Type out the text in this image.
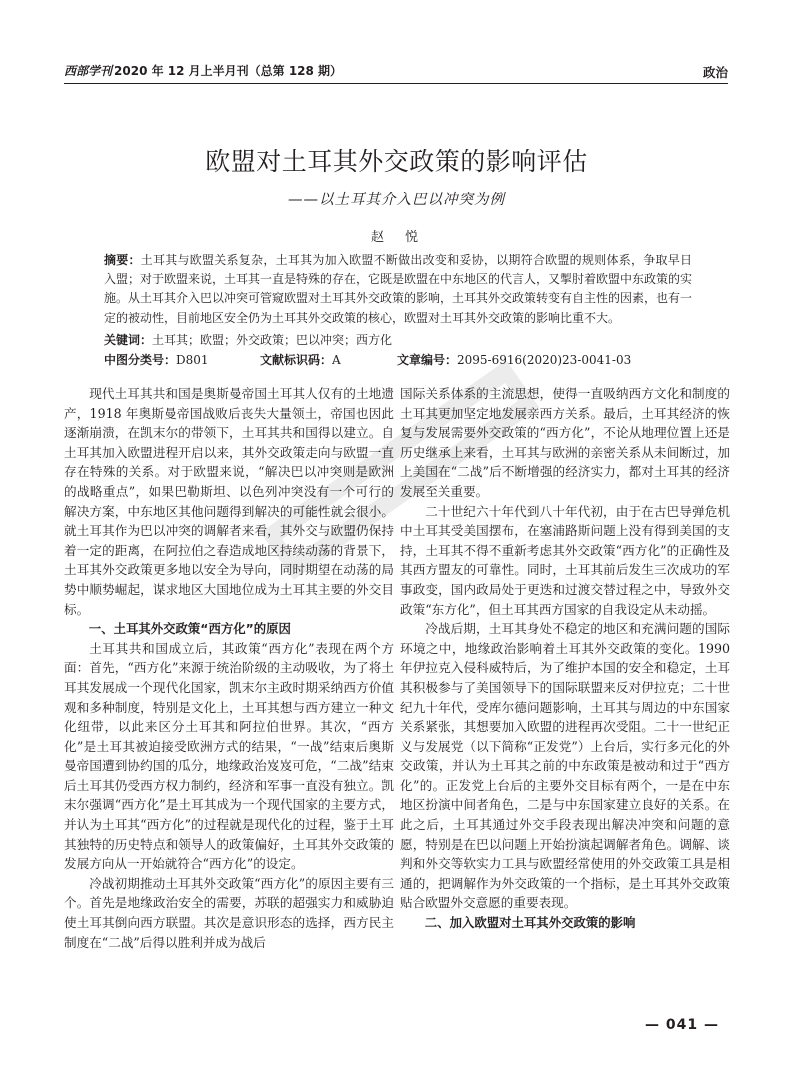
西部学刊 2020 年 12 月上半月刊（总第 128 期）	政治
欧盟对土耳其外交政策的影响评估
——以土耳其介入巴以冲突为例
赵　悦
摘要：土耳其与欧盟关系复杂，土耳其为加入欧盟不断做出改变和妥协，以期符合欧盟的规则体系，争取早日入盟；对于欧盟来说，土耳其一直是特殊的存在，它既是欧盟在中东地区的代言人，又掣肘着欧盟中东政策的实施。从土耳其介入巴以冲突可管窥欧盟对土耳其外交政策的影响，土耳其外交政策转变有自主性的因素，也有一定的被动性，目前地区安全仍为土耳其外交政策的核心，欧盟对土耳其外交政策的影响比重不大。
关键词：土耳其；欧盟；外交政策；巴以冲突；西方化
中图分类号：D801	文献标识码：A	文章编号：2095-6916(2020)23-0041-03

现代土耳其共和国是奥斯曼帝国土耳其人仅有的土地遗产，1918 年奥斯曼帝国战败后丧失大量领土，帝国也因此逐渐崩溃，在凯末尔的带领下，土耳其共和国得以建立。自土耳其加入欧盟进程开启以来，其外交政策走向与欧盟一直存在特殊的关系。对于欧盟来说，“解决巴以冲突则是欧洲的战略重点”，如果巴勒斯坦、以色列冲突没有一个可行的解决方案，中东地区其他问题得到解决的可能性就会很小。就土耳其作为巴以冲突的调解者来看，其外交与欧盟仍保持着一定的距离，在阿拉伯之春造成地区持续动荡的背景下，土耳其外交政策更多地以安全为导向，同时期望在动荡的局势中顺势崛起，谋求地区大国地位成为土耳其主要的外交目标。

一、土耳其外交政策“西方化”的原因

土耳其共和国成立后，其政策“西方化”表现在两个方面：首先，“西方化”来源于统治阶级的主动吸收，为了将土耳其发展成一个现代化国家，凯末尔主政时期采纳西方价值观和多种制度，特别是文化上，土耳其想与西方建立一种文化纽带，以此来区分土耳其和阿拉伯世界。其次，“西方化”是土耳其被迫接受欧洲方式的结果，“一战”结束后奥斯曼帝国遭到协约国的瓜分，地缘政治岌岌可危，“二战”结束后土耳其仍受西方权力制约，经济和军事一直没有独立。凯末尔强调“西方化”是土耳其成为一个现代国家的主要方式，并认为土耳其“西方化”的过程就是现代化的过程，鉴于土耳其独特的历史特点和领导人的政策偏好，土耳其外交政策的发展方向从一开始就符合“西方化”的设定。

冷战初期推动土耳其外交政策“西方化”的原因主要有三个。首先是地缘政治安全的需要，苏联的超强实力和威胁迫使土耳其倒向西方联盟。其次是意识形态的选择，西方民主制度在“二战”后得以胜利并成为战后

国际关系体系的主流思想，使得一直吸纳西方文化和制度的土耳其更加坚定地发展亲西方关系。最后，土耳其经济的恢复与发展需要外交政策的“西方化”，不论从地理位置上还是历史继承上来看，土耳其与欧洲的亲密关系从未间断过，加上美国在“二战”后不断增强的经济实力，都对土耳其的经济发展至关重要。

二十世纪六十年代到八十年代初，由于在古巴导弹危机中土耳其受美国摆布，在塞浦路斯问题上没有得到美国的支持，土耳其不得不重新考虑其外交政策“西方化”的正确性及其西方盟友的可靠性。同时，土耳其前后发生三次成功的军事政变，国内政局处于更迭和过渡交替过程之中，导致外交政策“东方化”，但土耳其西方国家的自我设定从未动摇。

冷战后期，土耳其身处不稳定的地区和充满问题的国际环境之中，地缘政治影响着土耳其外交政策的变化。1990 年伊拉克入侵科威特后，为了维护本国的安全和稳定，土耳其积极参与了美国领导下的国际联盟来反对伊拉克；二十世纪九十年代，受库尔德问题影响，土耳其与周边的中东国家关系紧张，其想要加入欧盟的进程再次受阻。二十一世纪正义与发展党（以下简称“正发党”）上台后，实行多元化的外交政策，并认为土耳其之前的中东政策是被动和过于“西方化”的。正发党上台后的主要外交目标有两个，一是在中东地区扮演中间者角色，二是与中东国家建立良好的关系。在此之后，土耳其通过外交手段表现出解决冲突和问题的意愿，特别是在巴以问题上开始扮演起调解者角色。调解、谈判和外交等软实力工具与欧盟经常使用的外交政策工具是相通的，把调解作为外交政策的一个指标，是土耳其外交政策贴合欧盟外交意愿的重要表现。

二、加入欧盟对土耳其外交政策的影响
— 041 —
